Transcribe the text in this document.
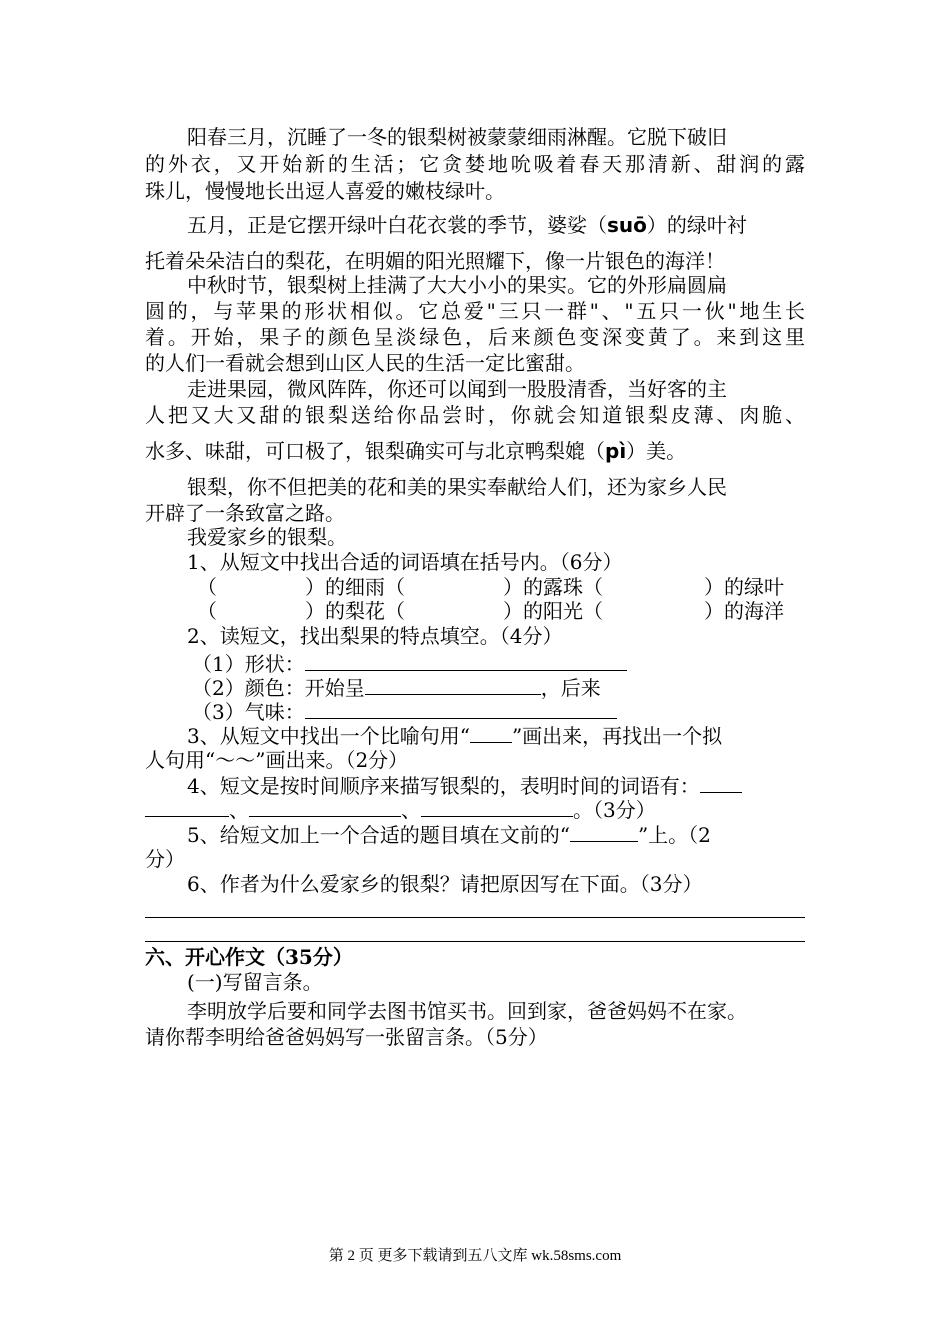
阳春三月，沉睡了一冬的银梨树被蒙蒙细雨淋醒。它脱下破旧
的外衣，又开始新的生活；它贪婪地吮吸着春天那清新、甜润的露
珠儿，慢慢地长出逗人喜爱的嫩枝绿叶。
五月，正是它摆开绿叶白花衣裳的季节，婆娑（suō）的绿叶衬
托着朵朵洁白的梨花，在明媚的阳光照耀下，像一片银色的海洋！
中秋时节，银梨树上挂满了大大小小的果实。它的外形扁圆扁
圆的，与苹果的形状相似。它总爱"三只一群"、"五只一伙"地生长
着。开始，果子的颜色呈淡绿色，后来颜色变深变黄了。来到这里
的人们一看就会想到山区人民的生活一定比蜜甜。
走进果园，微风阵阵，你还可以闻到一股股清香，当好客的主
人把又大又甜的银梨送给你品尝时，你就会知道银梨皮薄、肉脆、
水多、味甜，可口极了，银梨确实可与北京鸭梨媲（pì）美。
银梨，你不但把美的花和美的果实奉献给人们，还为家乡人民
开辟了一条致富之路。
我爱家乡的银梨。
1、从短文中找出合适的词语填在括号内。（6分）
（	）的细雨（	）的露珠（	）的绿叶
（	）的梨花（	）的阳光（	）的海洋
2、读短文，找出梨果的特点填空。（4分）
（1）形状：
（2）颜色：开始呈	，后来
（3）气味：
3、从短文中找出一个比喻句用“ ”画出来，再找出一个拟
人句用“～～”画出来。（2分）
4、短文是按时间顺序来描写银梨的，表明时间的词语有：
、	、	。（3分）
5、给短文加上一个合适的题目填在文前的“	”上。（2
分）
6、作者为什么爱家乡的银梨？请把原因写在下面。（3分）
六、开心作文（35分）
(一)写留言条。
李明放学后要和同学去图书馆买书。回到家，爸爸妈妈不在家。
请你帮李明给爸爸妈妈写一张留言条。（5分）
第 2 页 更多下载请到五八文库 wk.58sms.com
